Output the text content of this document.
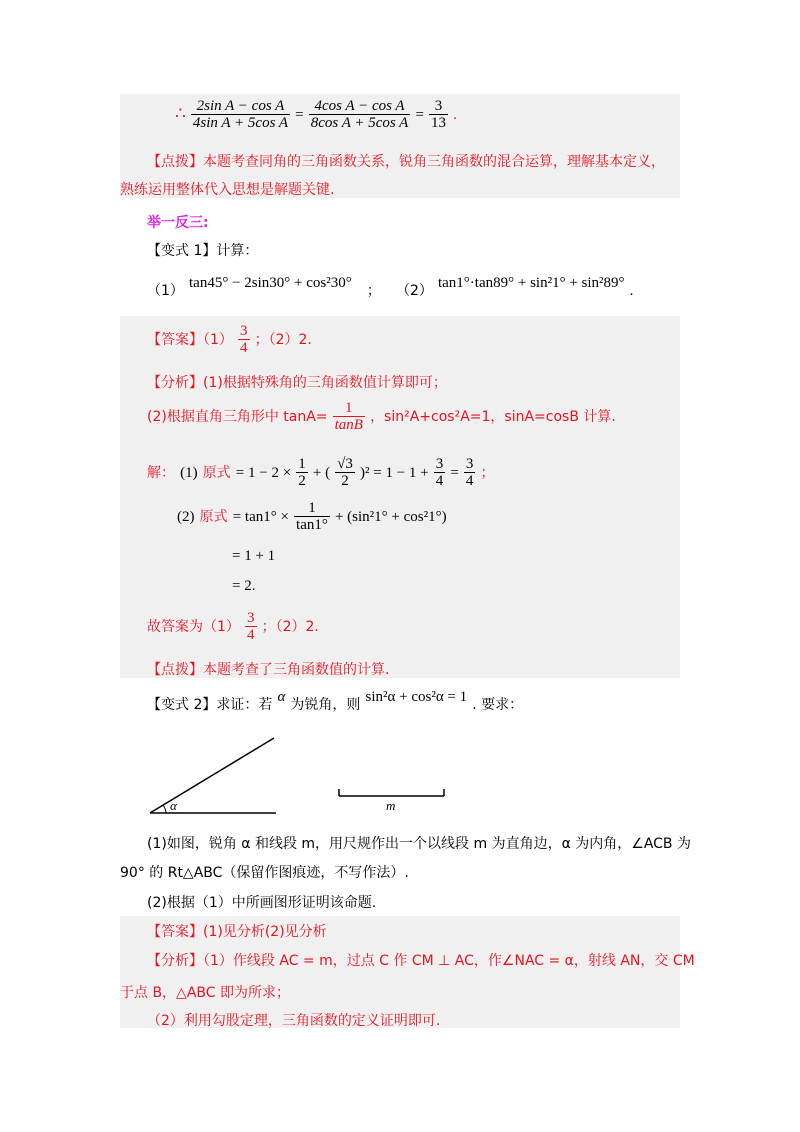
∴ $\frac{\text{2sin A − cos A}}{\text{4sin A + 5cos A}} = \frac{\text{4cos A − cos A}}{\text{8cos A + 5cos A}} = \frac{3}{13}$ .
【点拨】本题考查同角的三角函数关系，锐角三角函数的混合运算，理解基本定义，
熟练运用整体代入思想是解题关键.
举一反三:
【变式 1】计算：
（1） tan45° − 2sin30° + cos²30° ； （2） tan1°·tan89° + sin²1° + sin²89° .
【答案】$(1) \frac{3}{4}$ ；（2）2.
【分析】(1)根据特殊角的三角函数值计算即可；
(2)根据直角三角形中 $\tan A= \frac{1}{\tan B}$ ，sin²A+cos²A=1，sinA=cosB 计算.
解： (1) 原式 = $1 - 2 \times \frac{1}{2}$ + ( $\frac{√3}{2} )^2 = 1 - 1 + \frac{3}{4} = \frac{3}{4}$ ；
(2) 原式 = $\tan 1^\circ \times \frac{1}{\tan 1^\circ} + (\sin^21^\circ + \cos^21^\circ)$
= 1 + 1
= 2.
故答案为$(1) \frac{3}{4}$ ；（2）2.
【点拨】本题考查了三角函数值的计算.
【变式 2】求证：若 α 为锐角，则 sin²α + cos²α = 1 . 要求：
α	m
(1)如图，锐角 α 和线段 m，用尺规作出一个以线段 m 为直角边，α 为内角，∠ACB 为
90° 的 Rt△ABC（保留作图痕迹，不写作法）.
(2)根据（1）中所画图形证明该命题.
【答案】(1)见分析(2)见分析
【分析】（1）作线段 AC = m，过点 C 作 CM ⊥ AC，作∠NAC = α，射线 AN，交 CM
于点 B，△ABC 即为所求；
（2）利用勾股定理，三角函数的定义证明即可.
